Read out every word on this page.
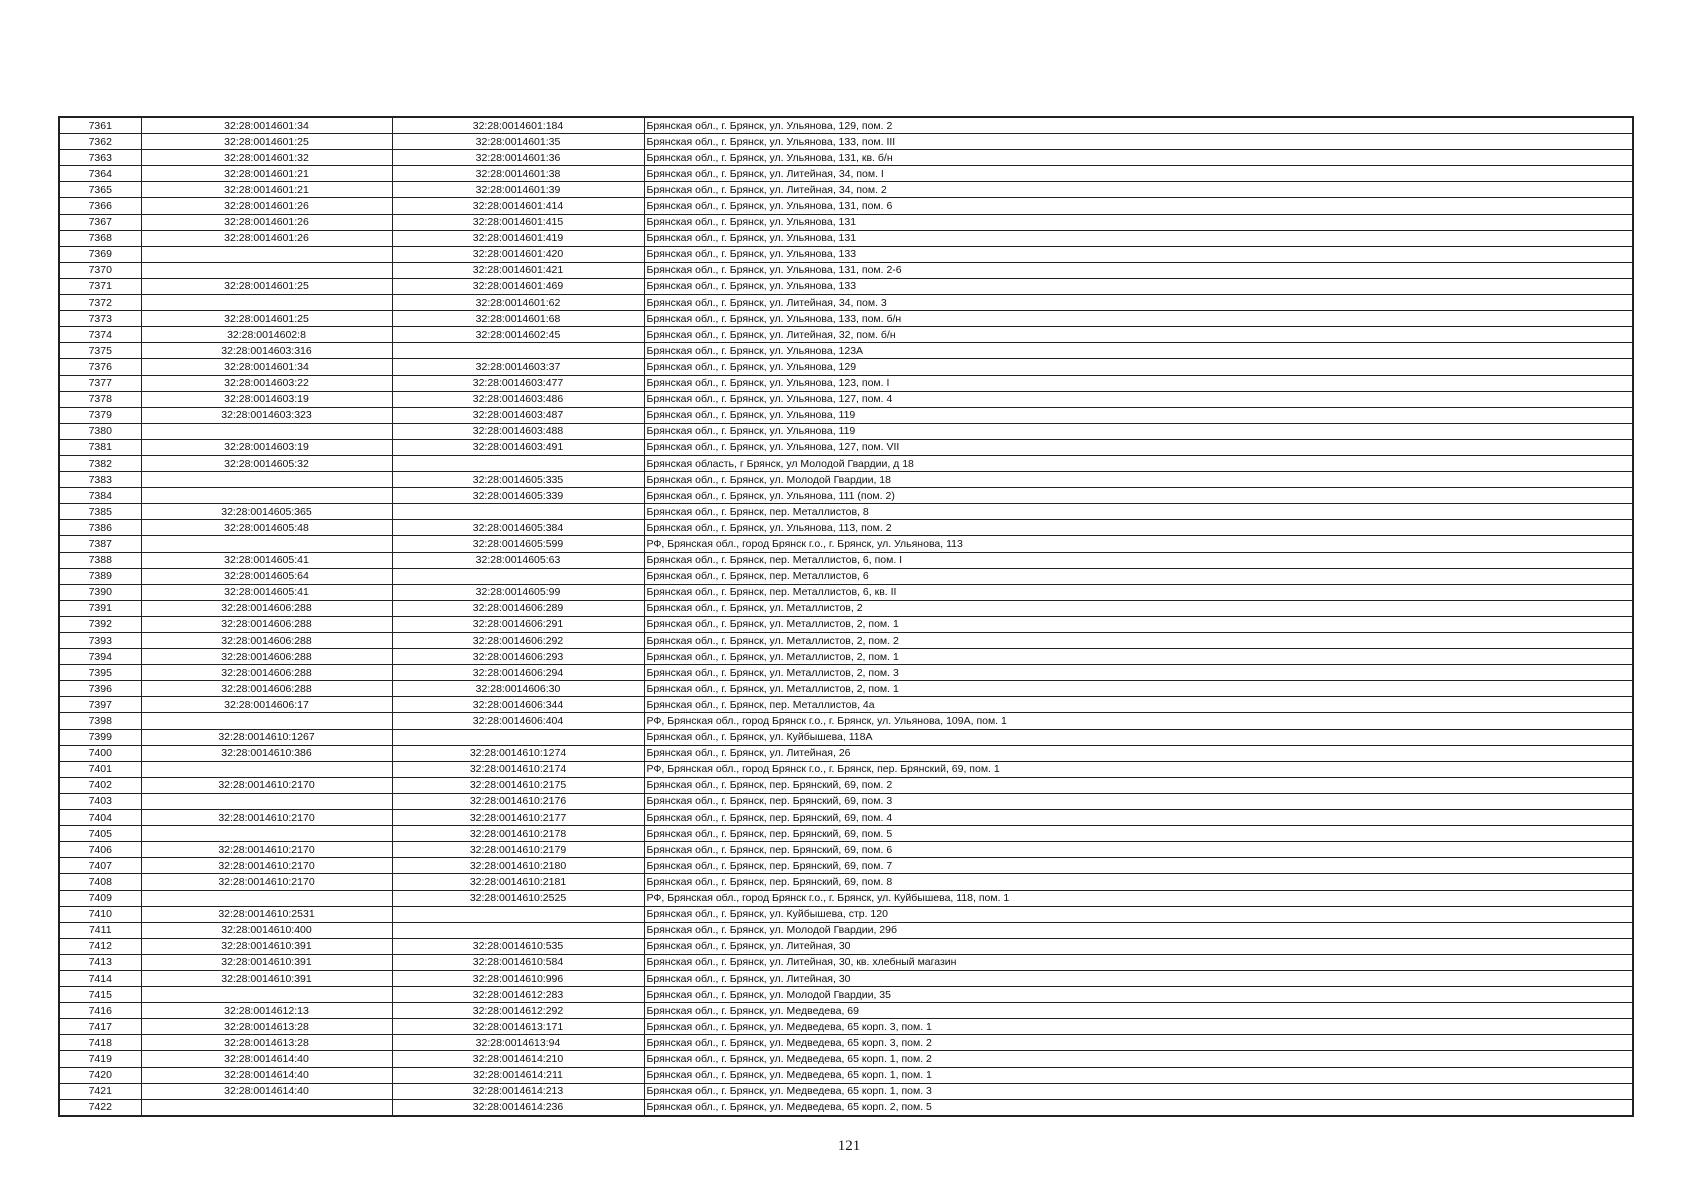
7361	32:28:0014601:34	32:28:0014601:184	Брянская обл., г. Брянск, ул. Ульянова, 129, пом. 2
7362	32:28:0014601:25	32:28:0014601:35	Брянская обл., г. Брянск, ул. Ульянова, 133, пом. III
7363	32:28:0014601:32	32:28:0014601:36	Брянская обл., г. Брянск, ул. Ульянова, 131, кв. б/н
7364	32:28:0014601:21	32:28:0014601:38	Брянская обл., г. Брянск, ул. Литейная, 34, пом. I
7365	32:28:0014601:21	32:28:0014601:39	Брянская обл., г. Брянск, ул. Литейная, 34, пом. 2
7366	32:28:0014601:26	32:28:0014601:414	Брянская обл., г. Брянск, ул. Ульянова, 131, пом. 6
7367	32:28:0014601:26	32:28:0014601:415	Брянская обл., г. Брянск, ул. Ульянова, 131
7368	32:28:0014601:26	32:28:0014601:419	Брянская обл., г. Брянск, ул. Ульянова, 131
7369		32:28:0014601:420	Брянская обл., г. Брянск, ул. Ульянова, 133
7370		32:28:0014601:421	Брянская обл., г. Брянск, ул. Ульянова, 131, пом. 2-6
7371	32:28:0014601:25	32:28:0014601:469	Брянская обл., г. Брянск, ул. Ульянова, 133
7372		32:28:0014601:62	Брянская обл., г. Брянск, ул. Литейная, 34, пом. 3
7373	32:28:0014601:25	32:28:0014601:68	Брянская обл., г. Брянск, ул. Ульянова, 133, пом. б/н
7374	32:28:0014602:8	32:28:0014602:45	Брянская обл., г. Брянск, ул. Литейная, 32, пом. б/н
7375	32:28:0014603:316		Брянская обл., г. Брянск, ул. Ульянова, 123А
7376	32:28:0014601:34	32:28:0014603:37	Брянская обл., г. Брянск, ул. Ульянова, 129
7377	32:28:0014603:22	32:28:0014603:477	Брянская обл., г. Брянск, ул. Ульянова, 123, пом. I
7378	32:28:0014603:19	32:28:0014603:486	Брянская обл., г. Брянск, ул. Ульянова, 127, пом. 4
7379	32:28:0014603:323	32:28:0014603:487	Брянская обл., г. Брянск, ул. Ульянова, 119
7380		32:28:0014603:488	Брянская обл., г. Брянск, ул. Ульянова, 119
7381	32:28:0014603:19	32:28:0014603:491	Брянская обл., г. Брянск, ул. Ульянова, 127, пом. VII
7382	32:28:0014605:32		Брянская область, г Брянск, ул Молодой Гвардии, д 18
7383		32:28:0014605:335	Брянская обл., г. Брянск, ул. Молодой Гвардии, 18
7384		32:28:0014605:339	Брянская обл., г. Брянск, ул. Ульянова, 111 (пом. 2)
7385	32:28:0014605:365		Брянская обл., г. Брянск, пер. Металлистов, 8
7386	32:28:0014605:48	32:28:0014605:384	Брянская обл., г. Брянск, ул. Ульянова, 113, пом. 2
7387		32:28:0014605:599	РФ, Брянская обл., город Брянск г.о., г. Брянск, ул. Ульянова, 113
7388	32:28:0014605:41	32:28:0014605:63	Брянская обл., г. Брянск, пер. Металлистов, 6, пом. I
7389	32:28:0014605:64		Брянская обл., г. Брянск, пер. Металлистов, 6
7390	32:28:0014605:41	32:28:0014605:99	Брянская обл., г. Брянск, пер. Металлистов, 6, кв. II
7391	32:28:0014606:288	32:28:0014606:289	Брянская обл., г. Брянск, ул. Металлистов, 2
7392	32:28:0014606:288	32:28:0014606:291	Брянская обл., г. Брянск, ул. Металлистов, 2, пом. 1
7393	32:28:0014606:288	32:28:0014606:292	Брянская обл., г. Брянск, ул. Металлистов, 2, пом. 2
7394	32:28:0014606:288	32:28:0014606:293	Брянская обл., г. Брянск, ул. Металлистов, 2, пом. 1
7395	32:28:0014606:288	32:28:0014606:294	Брянская обл., г. Брянск, ул. Металлистов, 2, пом. 3
7396	32:28:0014606:288	32:28:0014606:30	Брянская обл., г. Брянск, ул. Металлистов, 2, пом. 1
7397	32:28:0014606:17	32:28:0014606:344	Брянская обл., г. Брянск, пер. Металлистов, 4а
7398		32:28:0014606:404	РФ, Брянская обл., город Брянск г.о., г. Брянск, ул. Ульянова, 109А, пом. 1
7399	32:28:0014610:1267		Брянская обл., г. Брянск, ул. Куйбышева, 118А
7400	32:28:0014610:386	32:28:0014610:1274	Брянская обл., г. Брянск, ул. Литейная, 26
7401		32:28:0014610:2174	РФ, Брянская обл., город Брянск г.о., г. Брянск, пер. Брянский, 69, пом. 1
7402	32:28:0014610:2170	32:28:0014610:2175	Брянская обл., г. Брянск, пер. Брянский, 69, пом. 2
7403		32:28:0014610:2176	Брянская обл., г. Брянск, пер. Брянский, 69, пом. 3
7404	32:28:0014610:2170	32:28:0014610:2177	Брянская обл., г. Брянск, пер. Брянский, 69, пом. 4
7405		32:28:0014610:2178	Брянская обл., г. Брянск, пер. Брянский, 69, пом. 5
7406	32:28:0014610:2170	32:28:0014610:2179	Брянская обл., г. Брянск, пер. Брянский, 69, пом. 6
7407	32:28:0014610:2170	32:28:0014610:2180	Брянская обл., г. Брянск, пер. Брянский, 69, пом. 7
7408	32:28:0014610:2170	32:28:0014610:2181	Брянская обл., г. Брянск, пер. Брянский, 69, пом. 8
7409		32:28:0014610:2525	РФ, Брянская обл., город Брянск г.о., г. Брянск, ул. Куйбышева, 118, пом. 1
7410	32:28:0014610:2531		Брянская обл., г. Брянск, ул. Куйбышева, стр. 120
7411	32:28:0014610:400		Брянская обл., г. Брянск, ул. Молодой Гвардии, 29б
7412	32:28:0014610:391	32:28:0014610:535	Брянская обл., г. Брянск, ул. Литейная, 30
7413	32:28:0014610:391	32:28:0014610:584	Брянская обл., г. Брянск, ул. Литейная, 30, кв. хлебный магазин
7414	32:28:0014610:391	32:28:0014610:996	Брянская обл., г. Брянск, ул. Литейная, 30
7415		32:28:0014612:283	Брянская обл., г. Брянск, ул. Молодой Гвардии, 35
7416	32:28:0014612:13	32:28:0014612:292	Брянская обл., г. Брянск, ул. Медведева, 69
7417	32:28:0014613:28	32:28:0014613:171	Брянская обл., г. Брянск, ул. Медведева, 65 корп. 3, пом. 1
7418	32:28:0014613:28	32:28:0014613:94	Брянская обл., г. Брянск, ул. Медведева, 65 корп. 3, пом. 2
7419	32:28:0014614:40	32:28:0014614:210	Брянская обл., г. Брянск, ул. Медведева, 65 корп. 1, пом. 2
7420	32:28:0014614:40	32:28:0014614:211	Брянская обл., г. Брянск, ул. Медведева, 65 корп. 1, пом. 1
7421	32:28:0014614:40	32:28:0014614:213	Брянская обл., г. Брянск, ул. Медведева, 65 корп. 1, пом. 3
7422		32:28:0014614:236	Брянская обл., г. Брянск, ул. Медведева, 65 корп. 2, пом. 5
121
